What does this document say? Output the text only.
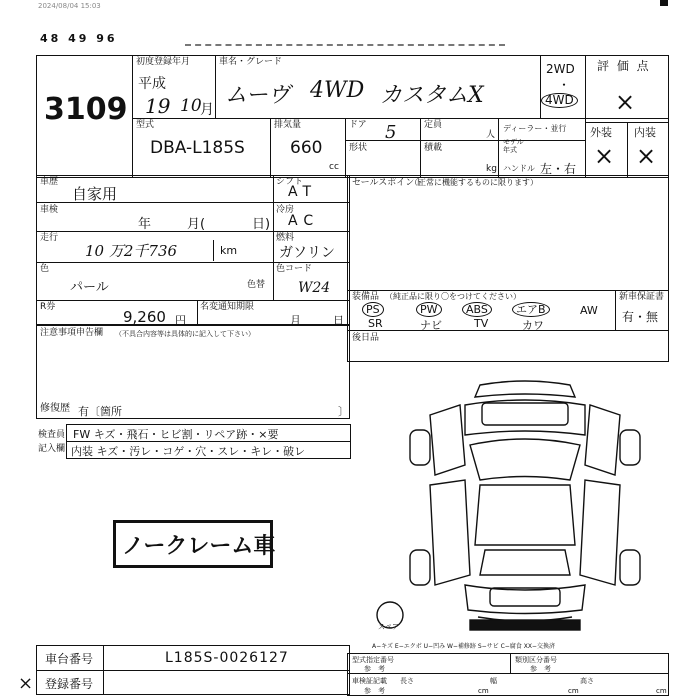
2024/08/04 15:03
48 49 96
3109
初度登録年月
平成
19 10
月
車名・グレード
ムーヴ 4WD カスタムX
2WD
・
4WD
型式
DBA-L185S
排気量
660
cc
ドア 5	定員
人
形状	積載
kg
ディーラー・並行
モデル
年式
ハンドル 左・右
評 価 点
×
外装 内装
× ×
車歴
自家用
車検
年	月(	日)
走行
10 万2千736	km
色
パール	色替
R券
9,260 円
名変通知期限
月	日
シフト
AT
冷房
AC
燃料
ガソリン
色コード
W24
セールスポイント
（正常に機能するものに限ります）
装備品 （純正品に限り〇をつけてください）
PS	PW	ABS	エアB	AW
SR	ナビ	TV	カワ
新車保証書
有・無
後日品
注意事項申告欄 （不具合内容等は具体的に記入して下さい）
修復歴 有〔箇所	〕
検査員
記入欄
FW キズ・飛石・ヒビ割・リペア跡・×要
内装 キズ・汚レ・コゲ・穴・スレ・キレ・破レ
ノークレーム車
スペア
A−キズ E−エクボ U−凹み W−補修跡 S−サビ C−腐食 XX−交換済
車台番号	L185S-0026127
登録番号
×
型式指定番号
参　考
類別区分番号
参　考
車検証記載
参　考
長さ
cm
幅
cm
高さ
cm
